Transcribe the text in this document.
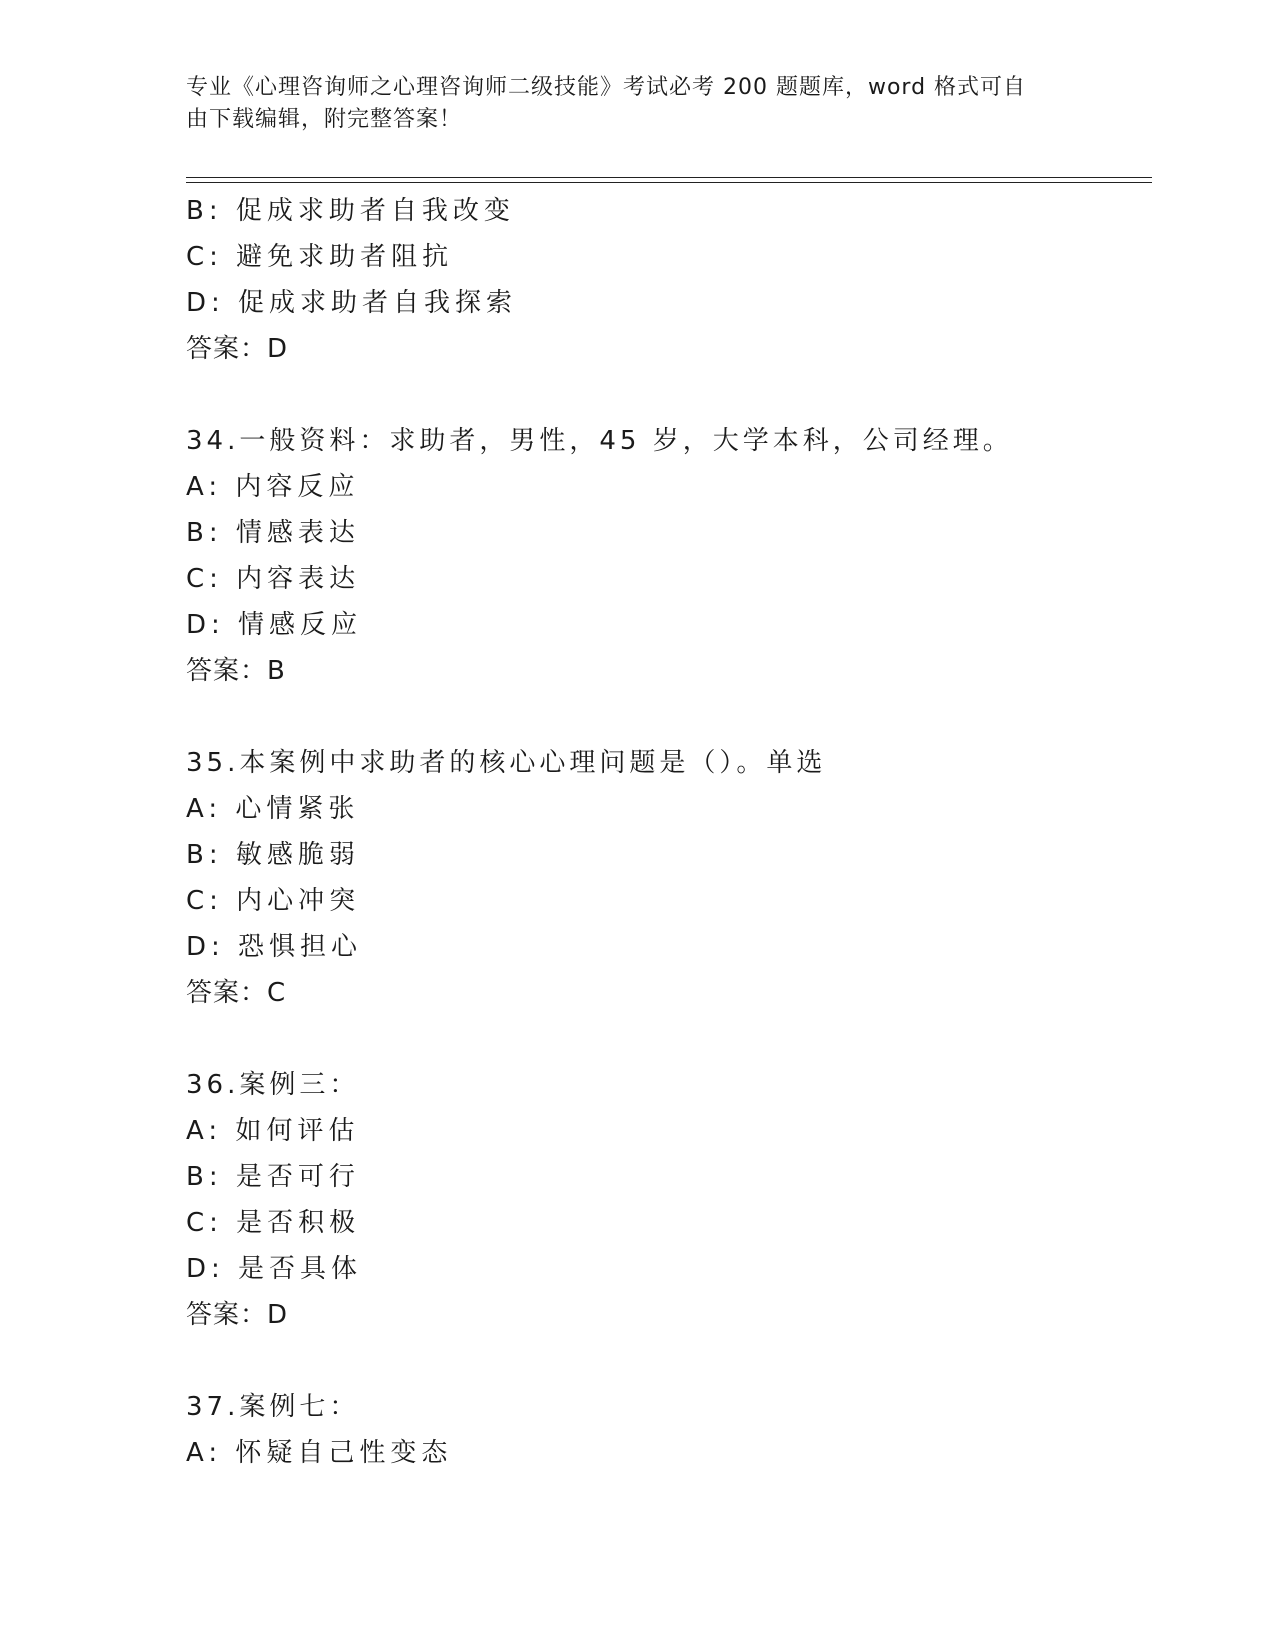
专业《心理咨询师之心理咨询师二级技能》考试必考 200 题题库，word 格式可自
由下载编辑，附完整答案！
B: 促成求助者自我改变
C: 避免求助者阻抗
D: 促成求助者自我探索
答案：D
34.一般资料：求助者，男性，45 岁，大学本科，公司经理。
A: 内容反应
B: 情感表达
C: 内容表达
D: 情感反应
答案：B
35.本案例中求助者的核心心理问题是（）。单选
A: 心情紧张
B: 敏感脆弱
C: 内心冲突
D: 恐惧担心
答案：C
36.案例三：
A: 如何评估
B: 是否可行
C: 是否积极
D: 是否具体
答案：D
37.案例七：
A: 怀疑自己性变态
